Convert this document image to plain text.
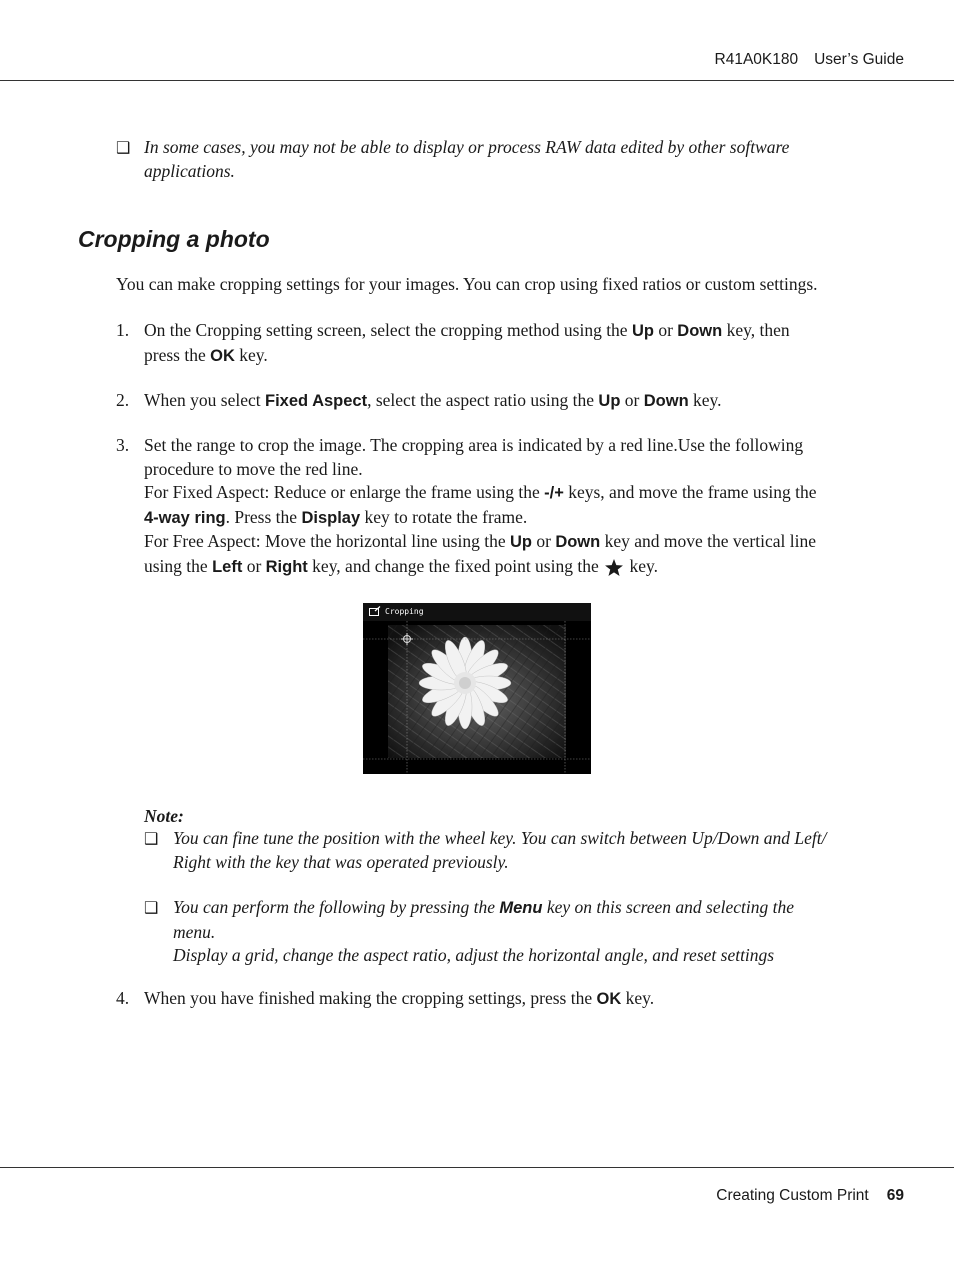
R41A0K180 User’s Guide
❑ In some cases, you may not be able to display or process RAW data edited by other software
applications.
Cropping a photo
You can make cropping settings for your images. You can crop using fixed ratios or custom settings.
1. On the Cropping setting screen, select the cropping method using the Up or Down key, then
press the OK key.
2. When you select Fixed Aspect, select the aspect ratio using the Up or Down key.
3. Set the range to crop the image. The cropping area is indicated by a red line.Use the following
procedure to move the red line.
For Fixed Aspect: Reduce or enlarge the frame using the -/+ keys, and move the frame using the
4-way ring. Press the Display key to rotate the frame.
For Free Aspect: Move the horizontal line using the Up or Down key and move the vertical line
using the Left or Right key, and change the fixed point using the  key.
Cropping
Note:
❑ You can fine tune the position with the wheel key. You can switch between Up/Down and Left/
Right with the key that was operated previously.
❑ You can perform the following by pressing the Menu key on this screen and selecting the
menu.
Display a grid, change the aspect ratio, adjust the horizontal angle, and reset settings
4. When you have finished making the cropping settings, press the OK key.
Creating Custom Print 69
